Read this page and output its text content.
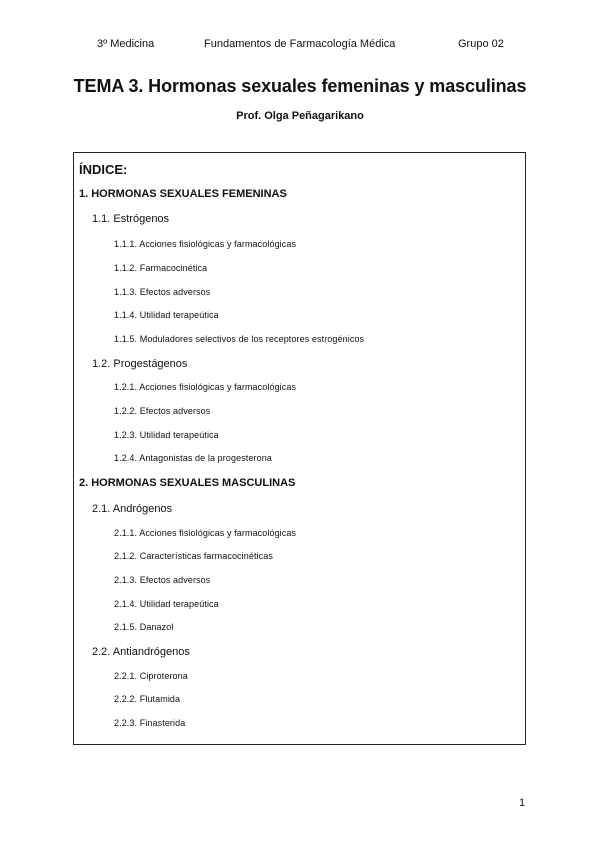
3º Medicina	Fundamentos de Farmacología Médica	Grupo 02
TEMA 3. Hormonas sexuales femeninas y masculinas

Prof. Olga Peñagarikano

ÍNDICE:

1. HORMONAS SEXUALES FEMENINAS

1.1. Estrógenos

1.1.1. Acciones fisiológicas y farmacológicas

1.1.2. Farmacocinética

1.1.3. Efectos adversos

1.1.4. Utilidad terapeútica

1.1.5. Moduladores selectivos de los receptores estrogénicos

1.2. Progestágenos

1.2.1. Acciones fisiológicas y farmacológicas

1.2.2. Efectos adversos

1.2.3. Utilidad terapeútica

1.2.4. Antagonistas de la progesterona

2. HORMONAS SEXUALES MASCULINAS

2.1. Andrógenos

2.1.1. Acciones fisiológicas y farmacológicas

2.1.2. Características farmacocinéticas

2.1.3. Efectos adversos

2.1.4. Utilidad terapeútica

2.1.5. Danazol

2.2. Antiandrógenos

2.2.1. Ciproterona

2.2.2. Flutamida

2.2.3. Finasterida

1
